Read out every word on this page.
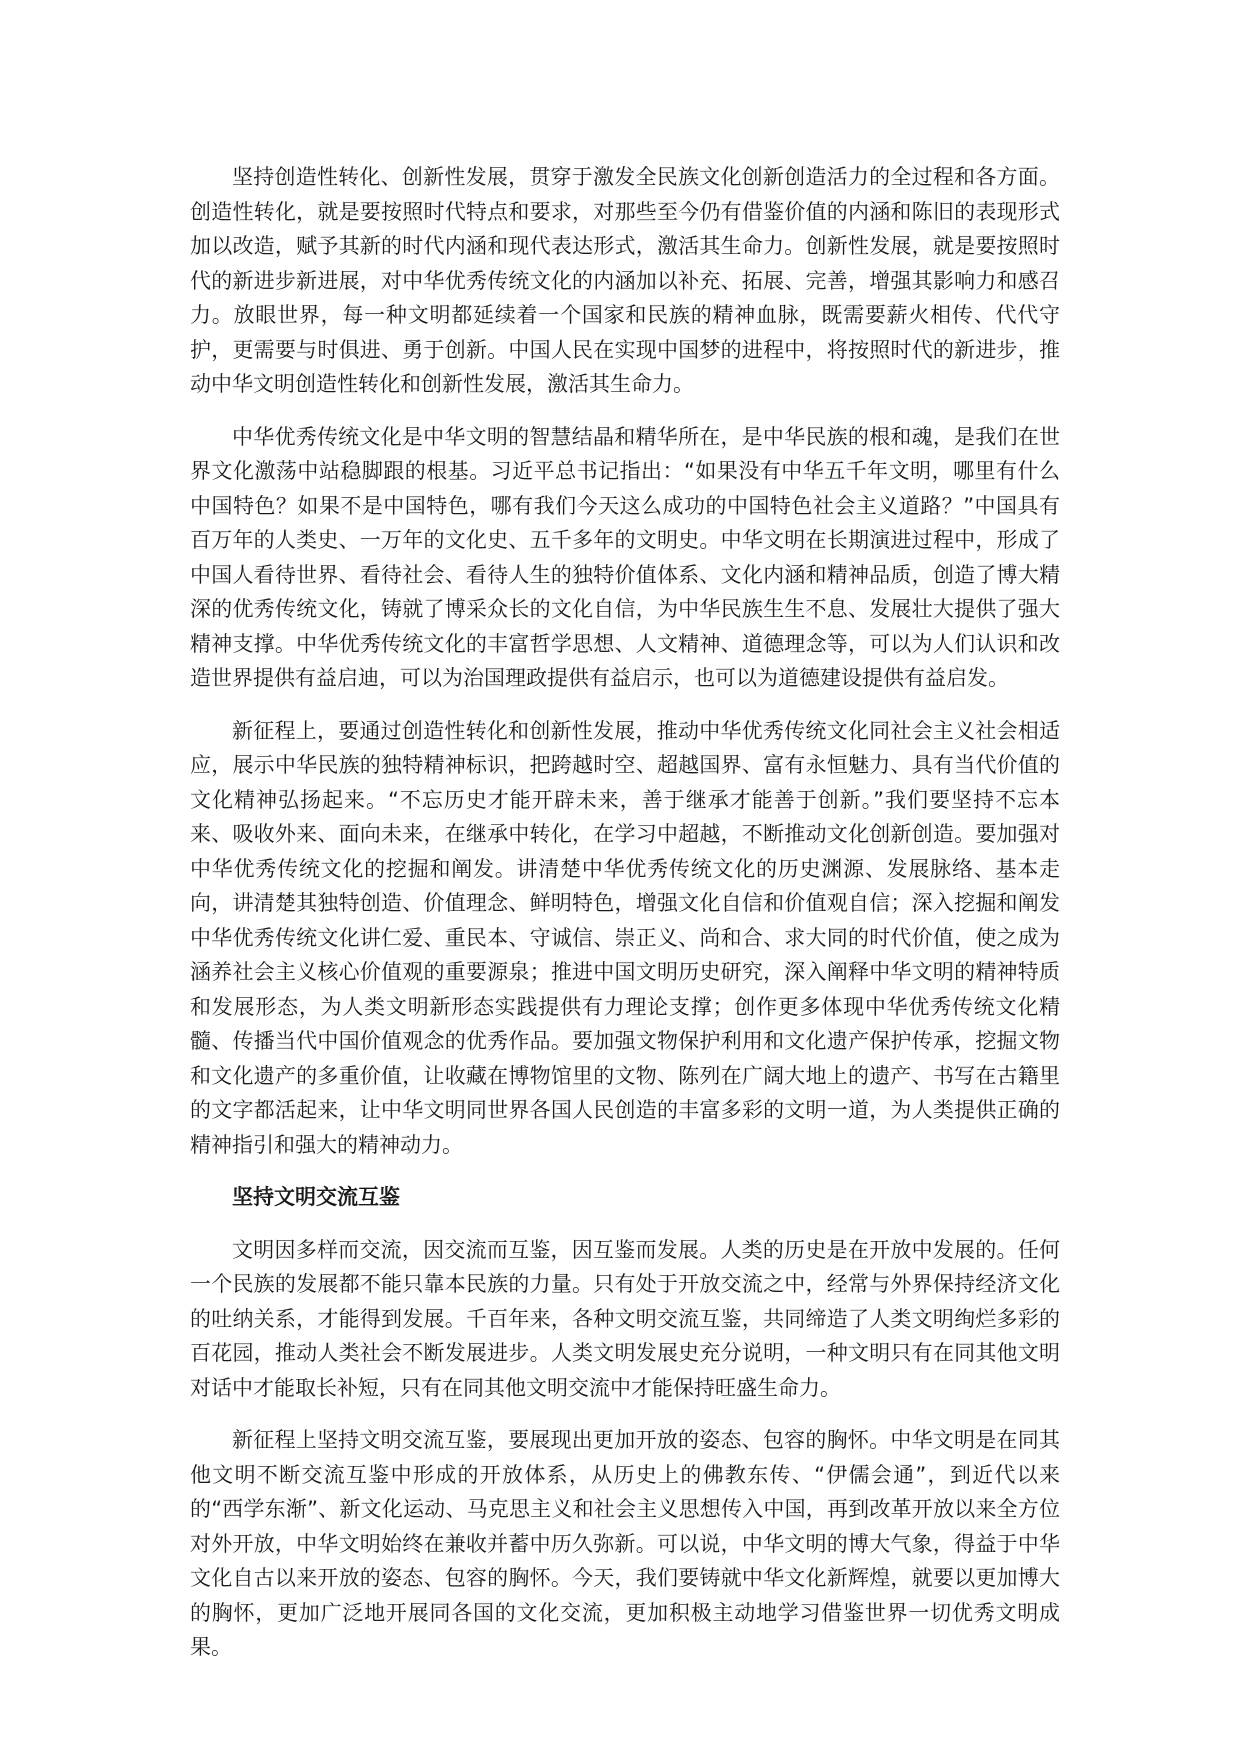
坚持创造性转化、创新性发展，贯穿于激发全民族文化创新创造活力的全过程和各方面。创造性转化，就是要按照时代特点和要求，对那些至今仍有借鉴价值的内涵和陈旧的表现形式加以改造，赋予其新的时代内涵和现代表达形式，激活其生命力。创新性发展，就是要按照时代的新进步新进展，对中华优秀传统文化的内涵加以补充、拓展、完善，增强其影响力和感召力。放眼世界，每一种文明都延续着一个国家和民族的精神血脉，既需要薪火相传、代代守护，更需要与时俱进、勇于创新。中国人民在实现中国梦的进程中，将按照时代的新进步，推动中华文明创造性转化和创新性发展，激活其生命力。

中华优秀传统文化是中华文明的智慧结晶和精华所在，是中华民族的根和魂，是我们在世界文化激荡中站稳脚跟的根基。习近平总书记指出：“如果没有中华五千年文明，哪里有什么中国特色？如果不是中国特色，哪有我们今天这么成功的中国特色社会主义道路？”中国具有百万年的人类史、一万年的文化史、五千多年的文明史。中华文明在长期演进过程中，形成了中国人看待世界、看待社会、看待人生的独特价值体系、文化内涵和精神品质，创造了博大精深的优秀传统文化，铸就了博采众长的文化自信，为中华民族生生不息、发展壮大提供了强大精神支撑。中华优秀传统文化的丰富哲学思想、人文精神、道德理念等，可以为人们认识和改造世界提供有益启迪，可以为治国理政提供有益启示，也可以为道德建设提供有益启发。

新征程上，要通过创造性转化和创新性发展，推动中华优秀传统文化同社会主义社会相适应，展示中华民族的独特精神标识，把跨越时空、超越国界、富有永恒魅力、具有当代价值的文化精神弘扬起来。“不忘历史才能开辟未来，善于继承才能善于创新。”我们要坚持不忘本来、吸收外来、面向未来，在继承中转化，在学习中超越，不断推动文化创新创造。要加强对中华优秀传统文化的挖掘和阐发。讲清楚中华优秀传统文化的历史渊源、发展脉络、基本走向，讲清楚其独特创造、价值理念、鲜明特色，增强文化自信和价值观自信；深入挖掘和阐发中华优秀传统文化讲仁爱、重民本、守诚信、崇正义、尚和合、求大同的时代价值，使之成为涵养社会主义核心价值观的重要源泉；推进中国文明历史研究，深入阐释中华文明的精神特质和发展形态，为人类文明新形态实践提供有力理论支撑；创作更多体现中华优秀传统文化精髓、传播当代中国价值观念的优秀作品。要加强文物保护利用和文化遗产保护传承，挖掘文物和文化遗产的多重价值，让收藏在博物馆里的文物、陈列在广阔大地上的遗产、书写在古籍里的文字都活起来，让中华文明同世界各国人民创造的丰富多彩的文明一道，为人类提供正确的精神指引和强大的精神动力。

坚持文明交流互鉴

文明因多样而交流，因交流而互鉴，因互鉴而发展。人类的历史是在开放中发展的。任何一个民族的发展都不能只靠本民族的力量。只有处于开放交流之中，经常与外界保持经济文化的吐纳关系，才能得到发展。千百年来，各种文明交流互鉴，共同缔造了人类文明绚烂多彩的百花园，推动人类社会不断发展进步。人类文明发展史充分说明，一种文明只有在同其他文明对话中才能取长补短，只有在同其他文明交流中才能保持旺盛生命力。

新征程上坚持文明交流互鉴，要展现出更加开放的姿态、包容的胸怀。中华文明是在同其他文明不断交流互鉴中形成的开放体系，从历史上的佛教东传、“伊儒会通”，到近代以来的“西学东渐”、新文化运动、马克思主义和社会主义思想传入中国，再到改革开放以来全方位对外开放，中华文明始终在兼收并蓄中历久弥新。可以说，中华文明的博大气象，得益于中华文化自古以来开放的姿态、包容的胸怀。今天，我们要铸就中华文化新辉煌，就要以更加博大的胸怀，更加广泛地开展同各国的文化交流，更加积极主动地学习借鉴世界一切优秀文明成果。
